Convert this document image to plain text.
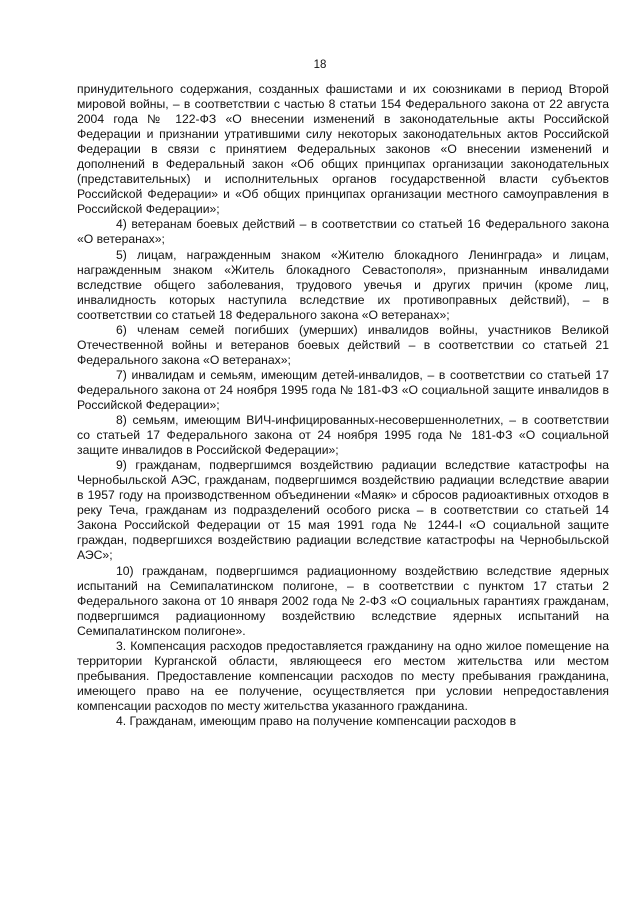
18

принудительного содержания, созданных фашистами и их союзниками в период Второй мировой войны, – в соответствии с частью 8 статьи 154 Федерального закона от 22 августа 2004 года № 122-ФЗ «О внесении изменений в законодательные акты Российской Федерации и признании утратившими силу некоторых законодательных актов Российской Федерации в связи с принятием Федеральных законов «О внесении изменений и дополнений в Федеральный закон «Об общих принципах организации законодательных (представительных) и исполнительных органов государственной власти субъектов Российской Федерации» и «Об общих принципах организации местного самоуправления в Российской Федерации»;

4) ветеранам боевых действий – в соответствии со статьей 16 Федерального закона «О ветеранах»;

5) лицам, награжденным знаком «Жителю блокадного Ленинграда» и лицам, награжденным знаком «Житель блокадного Севастополя», признанным инвалидами вследствие общего заболевания, трудового увечья и других причин (кроме лиц, инвалидность которых наступила вследствие их противоправных действий), – в соответствии со статьей 18 Федерального закона «О ветеранах»;

6) членам семей погибших (умерших) инвалидов войны, участников Великой Отечественной войны и ветеранов боевых действий – в соответствии со статьей 21 Федерального закона «О ветеранах»;

7) инвалидам и семьям, имеющим детей-инвалидов, – в соответствии со статьей 17 Федерального закона от 24 ноября 1995 года № 181-ФЗ «О социальной защите инвалидов в Российской Федерации»;

8) семьям, имеющим ВИЧ-инфицированных-несовершеннолетних, – в соответствии со статьей 17 Федерального закона от 24 ноября 1995 года № 181-ФЗ «О социальной защите инвалидов в Российской Федерации»;

9) гражданам, подвергшимся воздействию радиации вследствие катастрофы на Чернобыльской АЭС, гражданам, подвергшимся воздействию радиации вследствие аварии в 1957 году на производственном объединении «Маяк» и сбросов радиоактивных отходов в реку Теча, гражданам из подразделений особого риска – в соответствии со статьей 14 Закона Российской Федерации от 15 мая 1991 года № 1244-I «О социальной защите граждан, подвергшихся воздействию радиации вследствие катастрофы на Чернобыльской АЭС»;

10) гражданам, подвергшимся радиационному воздействию вследствие ядерных испытаний на Семипалатинском полигоне, – в соответствии с пунктом 17 статьи 2 Федерального закона от 10 января 2002 года № 2-ФЗ «О социальных гарантиях гражданам, подвергшимся радиационному воздействию вследствие ядерных испытаний на Семипалатинском полигоне».

3. Компенсация расходов предоставляется гражданину на одно жилое помещение на территории Курганской области, являющееся его местом жительства или местом пребывания. Предоставление компенсации расходов по месту пребывания гражданина, имеющего право на ее получение, осуществляется при условии непредоставления компенсации расходов по месту жительства указанного гражданина.

4. Гражданам, имеющим право на получение компенсации расходов в
